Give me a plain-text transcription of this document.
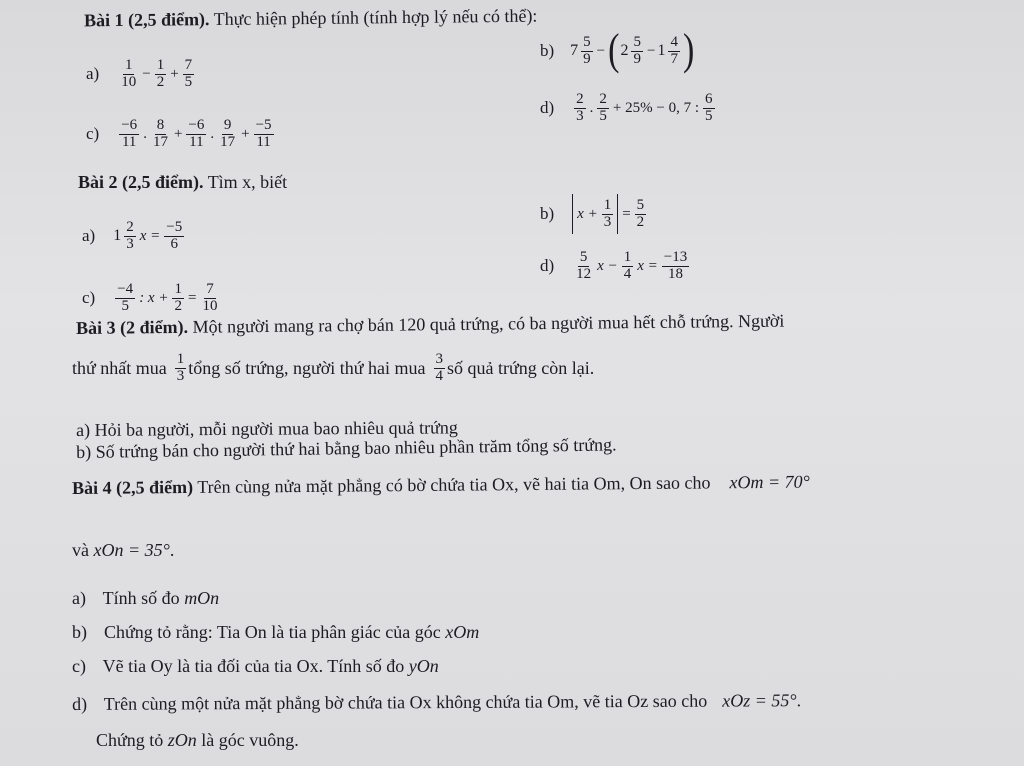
Bài 1 (2,5 điểm). Thực hiện phép tính (tính hợp lý nếu có thể):
$a) \frac{1}{10} - \frac{1}{2} + \frac{7}{5}$
b) $7 \frac{5}{9}$ − ( $2 \frac{5}{9} - 1 \frac{4}{7}$ )
$c) \frac{-6}{11}$ . $\frac{8}{17} + \frac{-6}{11}$ . $\frac{9}{17} + \frac{-5}{11}$
$d) \frac{2}{3}$ . $\frac{2}{5} + 25\% - 0$, 7 : $\frac{6}{5}$
Bài 2 (2,5 điểm). Tìm x, biết
a) $1 \frac{2}{3}$ $x = \frac{-5}{6}$
b) $x + \frac{1}{3} = \frac{5}{2}$
$d) \frac{5}{12}$ $x - \frac{1}{4}$ $x = \frac{-13}{18}$
$c) \frac{-4}{5}$ : $x + \frac{1}{2} = \frac{7}{10}$
Bài 3 (2 điểm). Một người mang ra chợ bán 120 quả trứng, có ba người mua hết chỗ trứng. Người
thứ nhất mua $\frac{1}{3}$ tổng số trứng, người thứ hai mua $\frac{3}{4}$ số quả trứng còn lại.
a) Hỏi ba người, mỗi người mua bao nhiêu quả trứng
b) Số trứng bán cho người thứ hai bằng bao nhiêu phần trăm tổng số trứng.
Bài 4 (2,5 điểm) Trên cùng nửa mặt phẳng có bờ chứa tia Ox, vẽ hai tia Om, On sao cho xOm = 70°
và xOn = 35°.
a) Tính số đo mOn
b) Chứng tỏ rằng: Tia On là tia phân giác của góc xOm
c) Vẽ tia Oy là tia đối của tia Ox. Tính số đo yOn
d) Trên cùng một nửa mặt phẳng bờ chứa tia Ox không chứa tia Om, vẽ tia Oz sao cho xOz = 55°.
Chứng tỏ zOn là góc vuông.
